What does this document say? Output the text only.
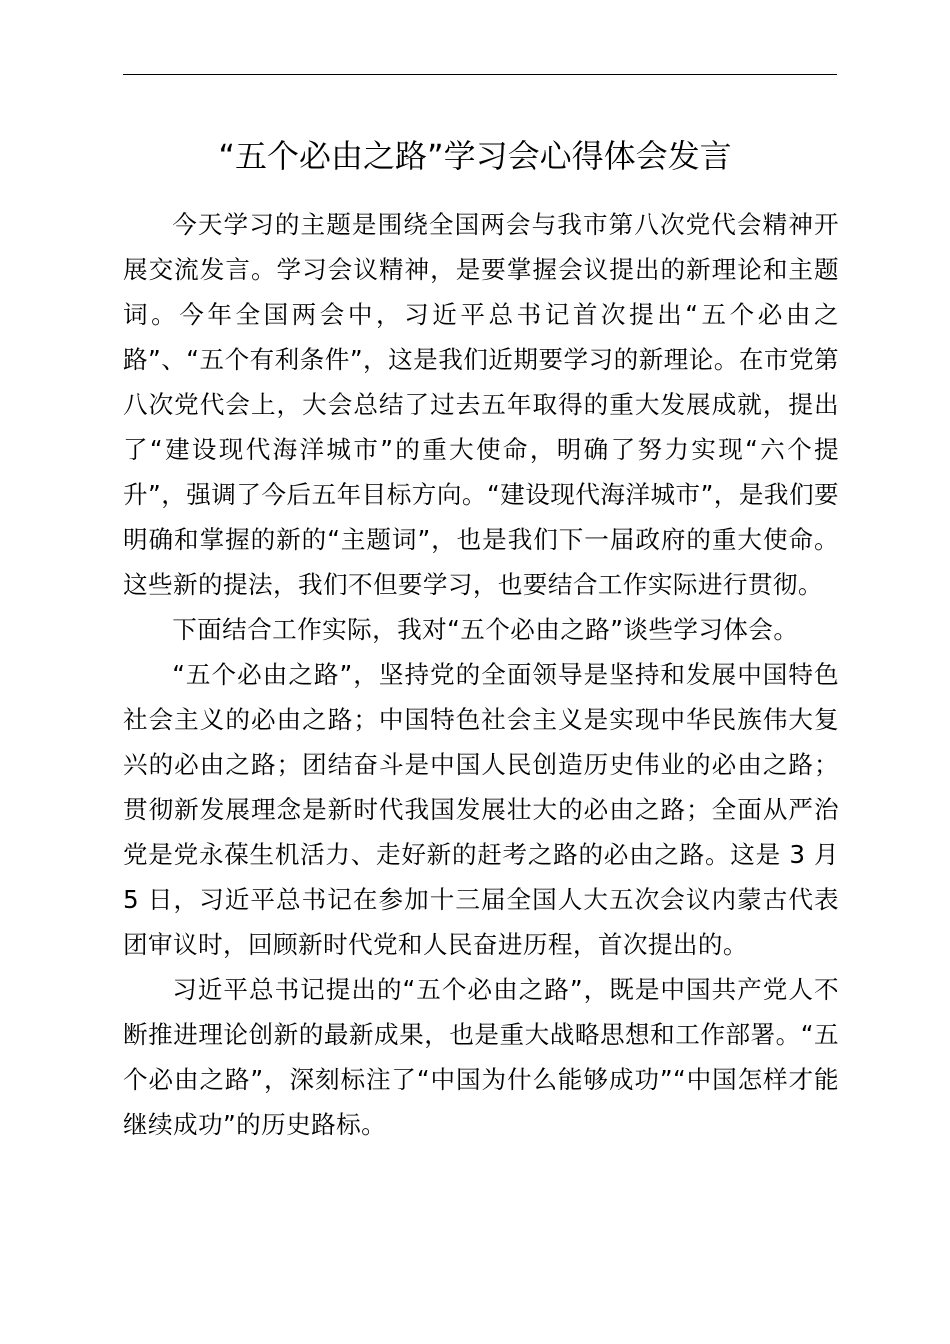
“五个必由之路”学习会心得体会发言

今天学习的主题是围绕全国两会与我市第八次党代会精神开展交流发言。学习会议精神，是要掌握会议提出的新理论和主题词。今年全国两会中，习近平总书记首次提出“五个必由之路”、“五个有利条件”，这是我们近期要学习的新理论。在市党第八次党代会上，大会总结了过去五年取得的重大发展成就，提出了“建设现代海洋城市”的重大使命，明确了努力实现“六个提升”，强调了今后五年目标方向。“建设现代海洋城市”，是我们要明确和掌握的新的“主题词”，也是我们下一届政府的重大使命。这些新的提法，我们不但要学习，也要结合工作实际进行贯彻。

下面结合工作实际，我对“五个必由之路”谈些学习体会。

“五个必由之路”，坚持党的全面领导是坚持和发展中国特色社会主义的必由之路；中国特色社会主义是实现中华民族伟大复兴的必由之路；团结奋斗是中国人民创造历史伟业的必由之路；贯彻新发展理念是新时代我国发展壮大的必由之路；全面从严治党是党永葆生机活力、走好新的赶考之路的必由之路。这是 3 月 5 日，习近平总书记在参加十三届全国人大五次会议内蒙古代表团审议时，回顾新时代党和人民奋进历程，首次提出的。

习近平总书记提出的“五个必由之路”，既是中国共产党人不断推进理论创新的最新成果，也是重大战略思想和工作部署。“五个必由之路”，深刻标注了“中国为什么能够成功”“中国怎样才能继续成功”的历史路标。
